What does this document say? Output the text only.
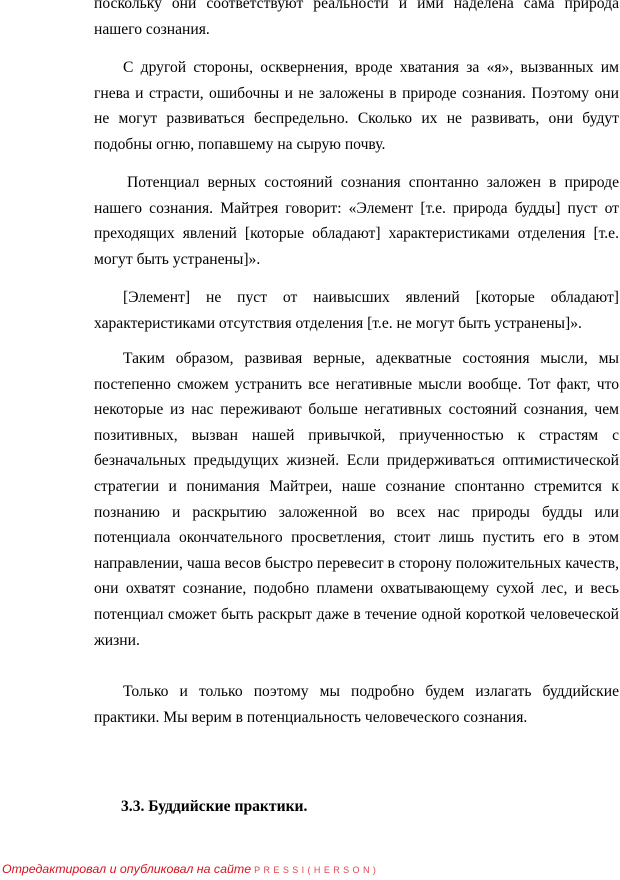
поскольку они соответствуют реальности и ими наделена сама природа нашего сознания.

С другой стороны, осквернения, вроде хватания за «я», вызванных им гнева и страсти, ошибочны и не заложены в природе сознания. Поэтому они не могут развиваться беспредельно. Сколько их не развивать, они будут подобны огню, попавшему на сырую почву.

Потенциал верных состояний сознания спонтанно заложен в природе нашего сознания. Майтрея говорит: «Элемент [т.е. природа будды] пуст от преходящих явлений [которые обладают] характеристиками отделения [т.е. могут быть устранены]».

[Элемент] не пуст от наивысших явлений [которые обладают] характеристиками отсутствия отделения [т.е. не могут быть устранены]».

Таким образом, развивая верные, адекватные состояния мысли, мы постепенно сможем устранить все негативные мысли вообще. Тот факт, что некоторые из нас переживают больше негативных состояний сознания, чем позитивных, вызван нашей привычкой, приученностью к страстям с безначальных предыдущих жизней. Если придерживаться оптимистической стратегии и понимания Майтреи, наше сознание спонтанно стремится к познанию и раскрытию заложенной во всех нас природы будды или потенциала окончательного просветления, стоит лишь пустить его в этом направлении, чаша весов быстро перевесит в сторону положительных качеств, они охватят сознание, подобно пламени охватывающему сухой лес, и весь потенциал сможет быть раскрыт даже в течение одной короткой человеческой жизни.

Только и только поэтому мы подробно будем излагать буддийские практики. Мы верим в потенциальность человеческого сознания.

3.3. Буддийские практики.
Отредактировал и опубликовал на сайте PRESSI(HERSON)
